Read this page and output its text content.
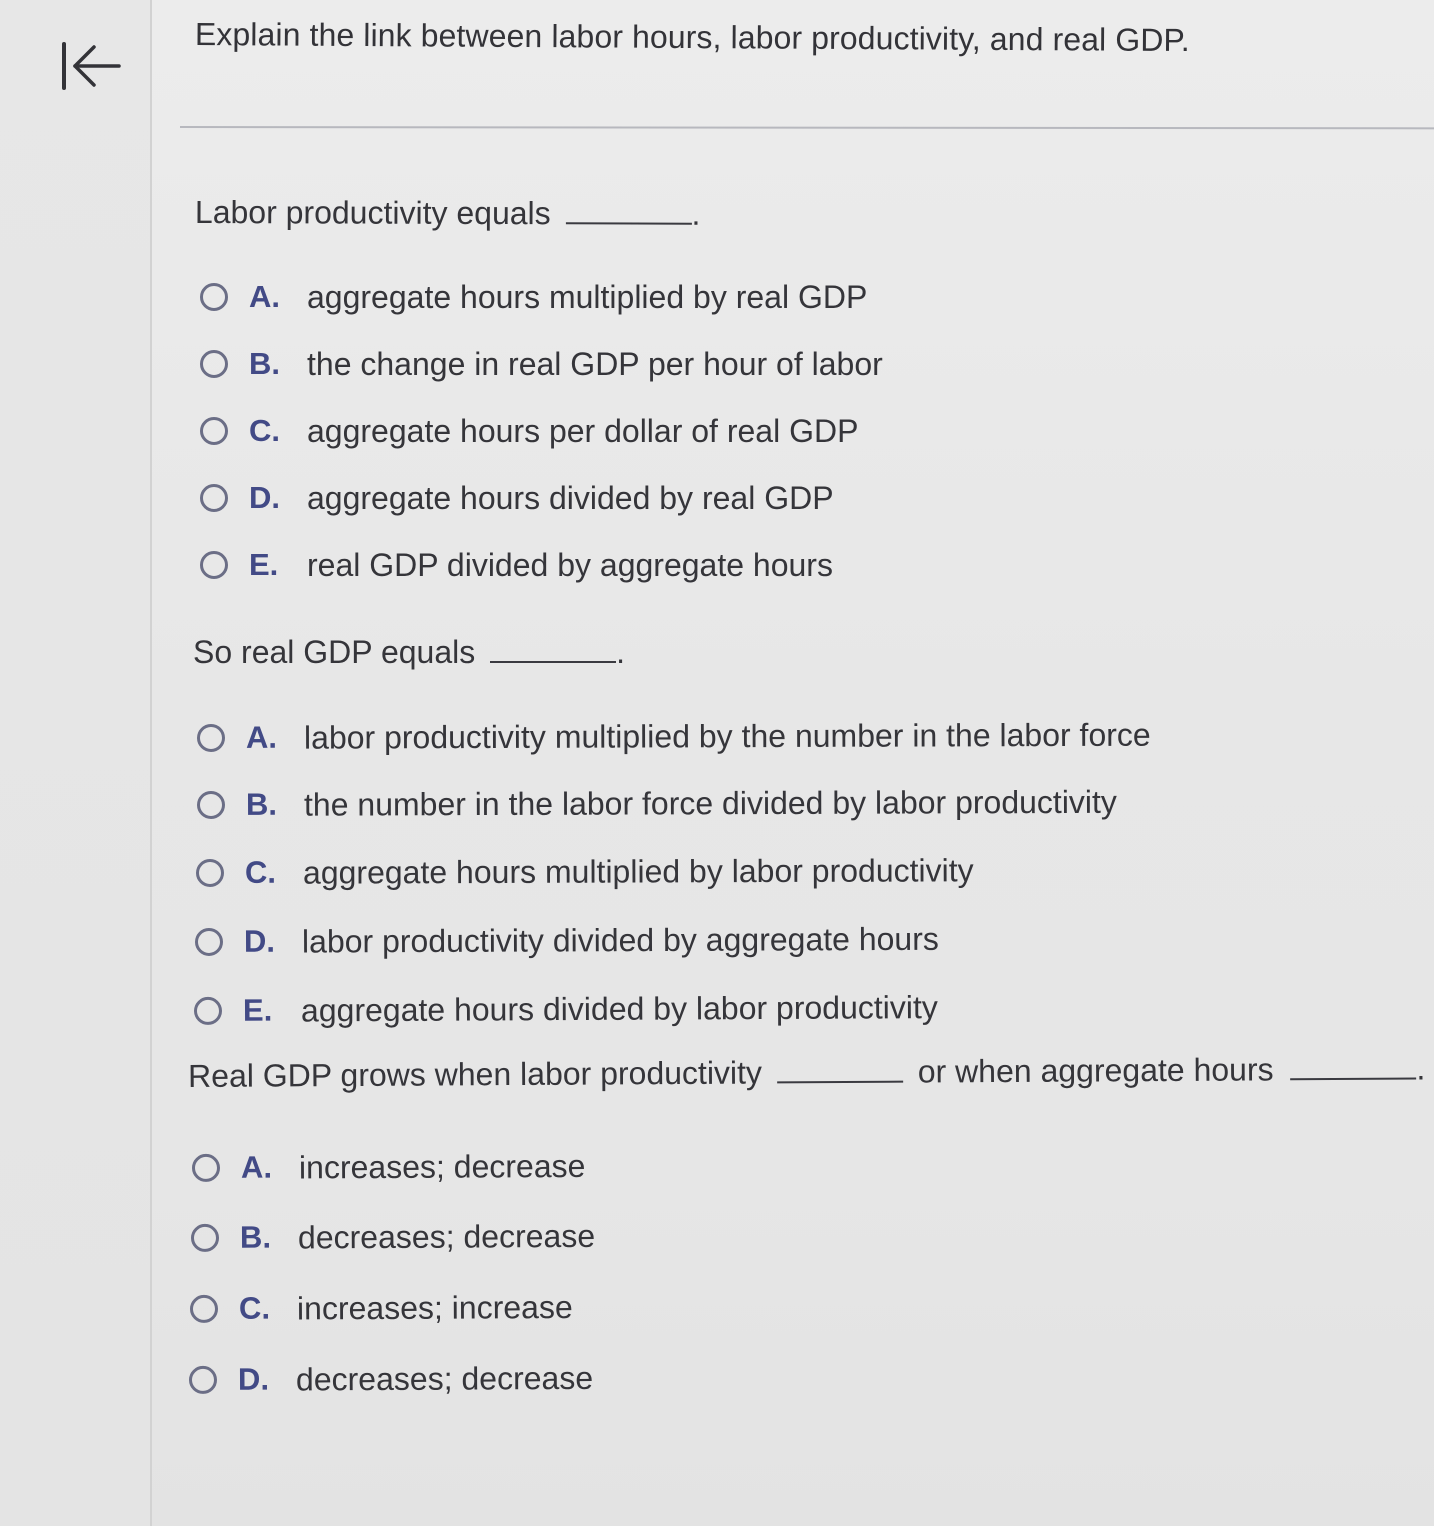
Explain the link between labor hours, labor productivity, and real GDP.
Labor productivity equals	.
A. aggregate hours multiplied by real GDP
B. the change in real GDP per hour of labor
C. aggregate hours per dollar of real GDP
D. aggregate hours divided by real GDP
E. real GDP divided by aggregate hours
So real GDP equals	.
A. labor productivity multiplied by the number in the labor force
B. the number in the labor force divided by labor productivity
C. aggregate hours multiplied by labor productivity
D. labor productivity divided by aggregate hours
E. aggregate hours divided by labor productivity
Real GDP grows when labor productivity	or when aggregate hours	.
A. increases; decrease
B. decreases; decrease
C. increases; increase
D. decreases; decrease
